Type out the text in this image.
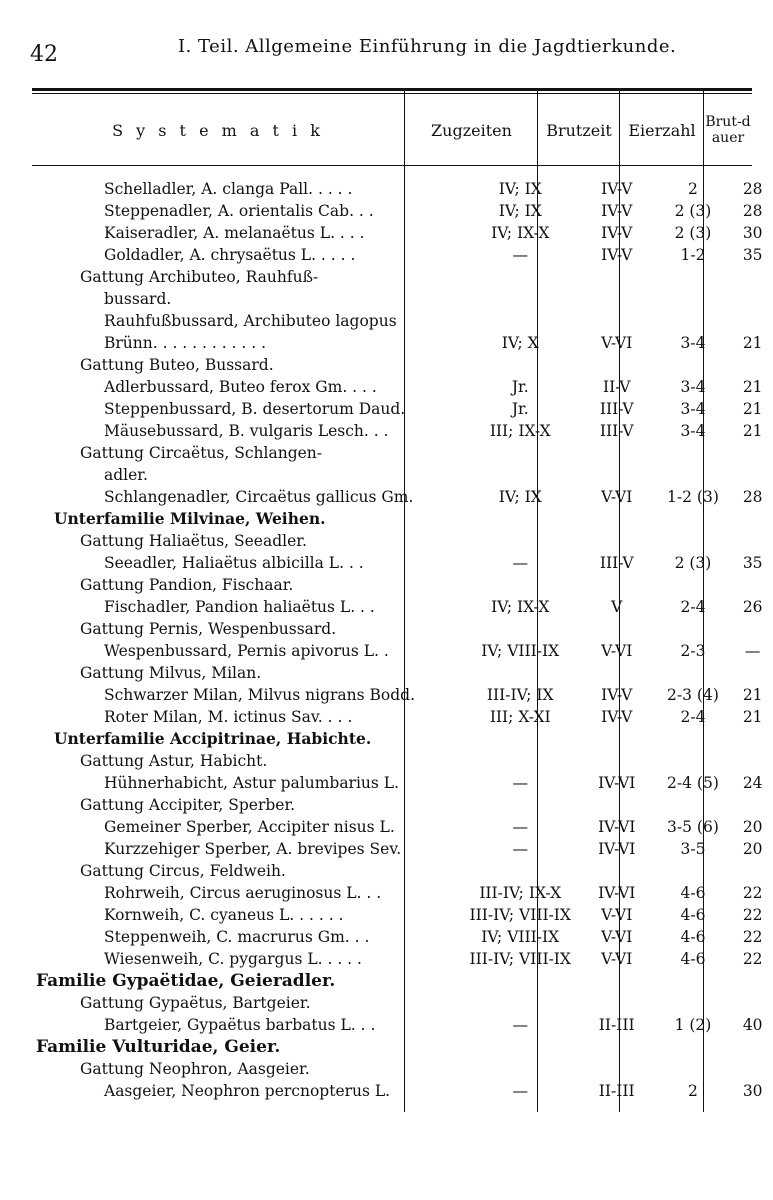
42	I. Teil. Allgemeine Einführung in die Jagdtierkunde.
S y s t e m a t i k	Zugzeiten	Brutzeit	Eierzahl Brut-dauer
Schelladler, A. clanga Pall. . . . .	IV; IX	IV-V	2	28
Steppenadler, A. orientalis Cab. . .	IV; IX	IV-V	2 (3)	28
Kaiseradler, A. melanaëtus L. . . .	IV; IX-X	IV-V	2 (3)	30
Goldadler, A. chrysaëtus L. . . . .	—	IV-V	1-2	35
Gattung Archibuteo, Rauhfuß-				
bussard.				
Rauhfußbussard, Archibuteo lagopus				
Brünn. . . . . . . . . . . .	IV; X	V-VI	3-4	21
Gattung Buteo, Bussard.				
Adlerbussard, Buteo ferox Gm. . . .	Jr.	II-V	3-4	21
Steppenbussard, B. desertorum Daud.	Jr.	III-V	3-4	21
Mäusebussard, B. vulgaris Lesch. . .	III; IX-X	III-V	3-4	21
Gattung Circaëtus, Schlangen-				
adler.				
Schlangenadler, Circaëtus gallicus Gm.	IV; IX	V-VI	1-2 (3)	28
Unterfamilie Milvinae, Weihen.				
Gattung Haliaëtus, Seeadler.				
Seeadler, Haliaëtus albicilla L. . .	—	III-V	2 (3)	35
Gattung Pandion, Fischaar.				
Fischadler, Pandion haliaëtus L. . .	IV; IX-X	V	2-4	26
Gattung Pernis, Wespenbussard.				
Wespenbussard, Pernis apivorus L. .	IV; VIII-IX	V-VI	2-3	—
Gattung Milvus, Milan.				
Schwarzer Milan, Milvus nigrans Bodd.	III-IV; IX	IV-V	2-3 (4)	21
Roter Milan, M. ictinus Sav. . . .	III; X-XI	IV-V	2-4	21
Unterfamilie Accipitrinae, Habichte.				
Gattung Astur, Habicht.				
Hühnerhabicht, Astur palumbarius L.	—	IV-VI	2-4 (5)	24
Gattung Accipiter, Sperber.				
Gemeiner Sperber, Accipiter nisus L.	—	IV-VI	3-5 (6)	20
Kurzzehiger Sperber, A. brevipes Sev.	—	IV-VI	3-5	20
Gattung Circus, Feldweih.				
Rohrweih, Circus aeruginosus L. . .	III-IV; IX-X	IV-VI	4-6	22
Kornweih, C. cyaneus L. . . . . .	III-IV; VIII-IX	V-VI	4-6	22
Steppenweih, C. macrurus Gm. . .	IV; VIII-IX	V-VI	4-6	22
Wiesenweih, C. pygargus L. . . . .	III-IV; VIII-IX	V-VI	4-6	22
Familie Gypaëtidae, Geieradler.				
Gattung Gypaëtus, Bartgeier.				
Bartgeier, Gypaëtus barbatus L. . .	—	II-III	1 (2)	40
Familie Vulturidae, Geier.				
Gattung Neophron, Aasgeier.				
Aasgeier, Neophron percnopterus L.	—	II-III	2	30
